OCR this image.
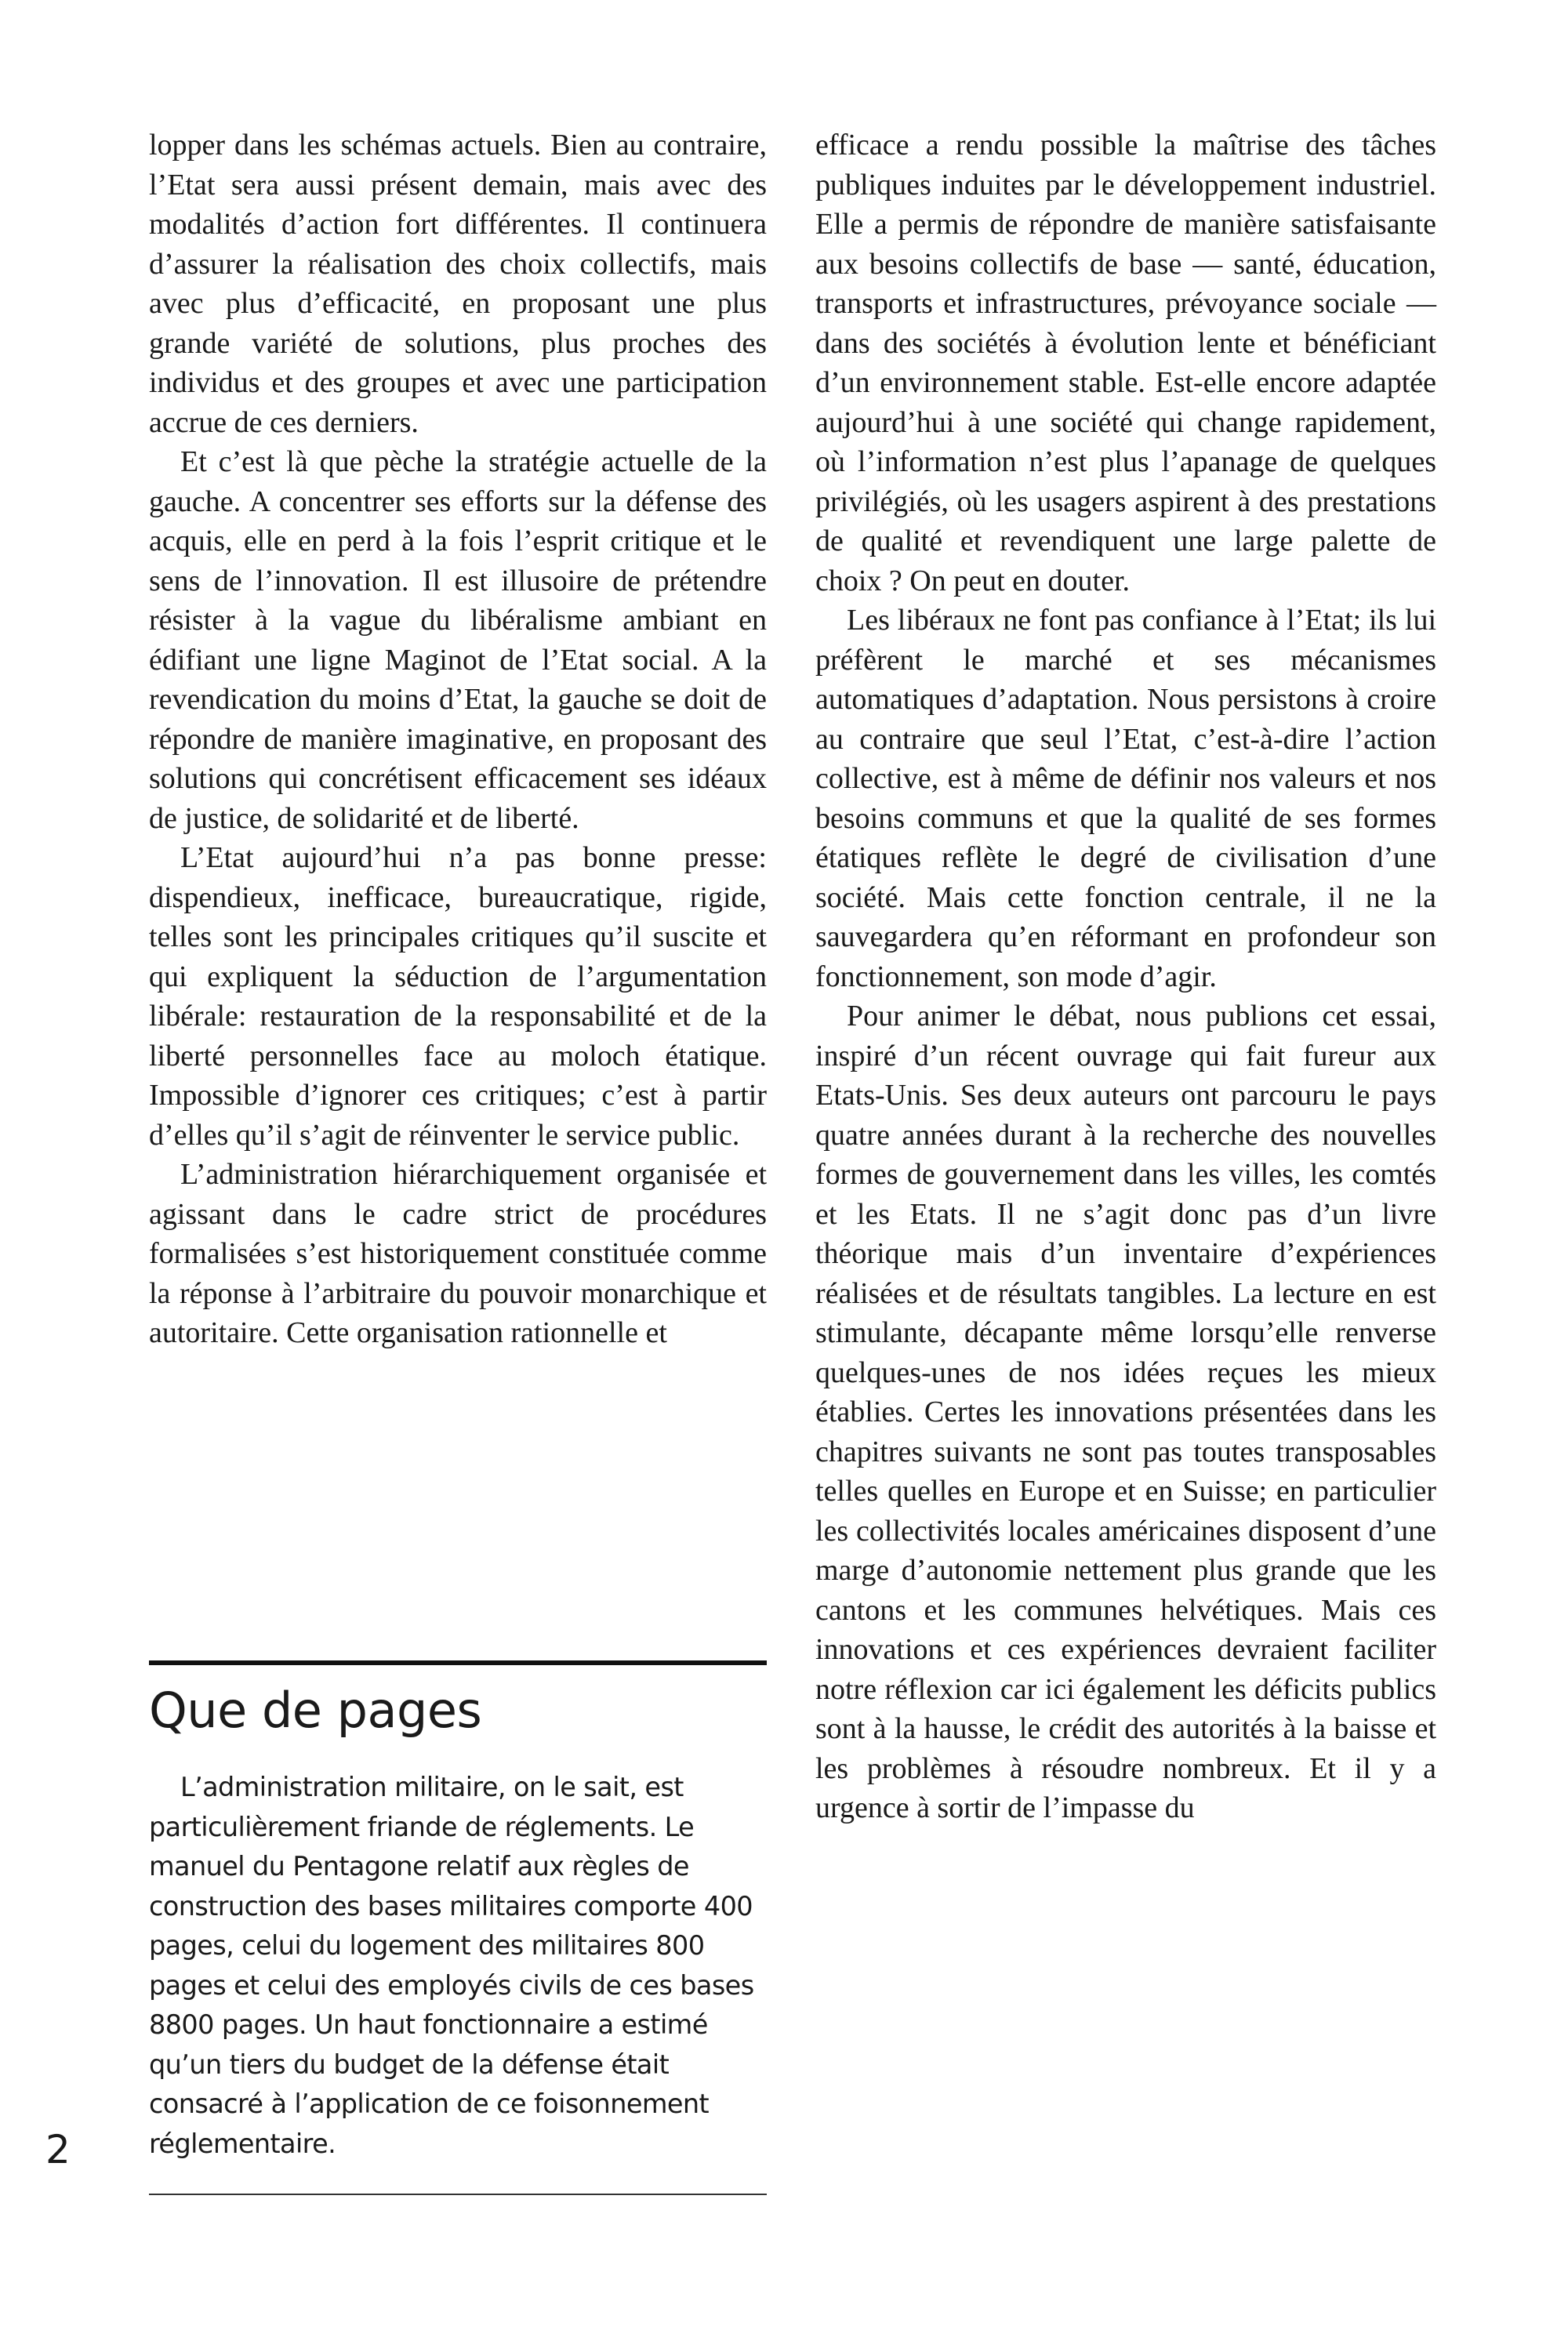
lopper dans les schémas actuels. Bien au contraire, l’Etat sera aussi présent demain, mais avec des modalités d’action fort différentes. Il continuera d’assurer la réalisation des choix collectifs, mais avec plus d’efficacité, en proposant une plus grande variété de solutions, plus proches des individus et des groupes et avec une participation accrue de ces derniers.

Et c’est là que pèche la stratégie actuelle de la gauche. A concentrer ses efforts sur la défense des acquis, elle en perd à la fois l’esprit critique et le sens de l’innovation. Il est illusoire de prétendre résister à la vague du libéralisme ambiant en édifiant une ligne Maginot de l’Etat social. A la revendication du moins d’Etat, la gauche se doit de répondre de manière imaginative, en proposant des solutions qui concrétisent efficacement ses idéaux de justice, de solidarité et de liberté.

L’Etat aujourd’hui n’a pas bonne presse: dispendieux, inefficace, bureaucratique, rigide, telles sont les principales critiques qu’il suscite et qui expliquent la séduction de l’argumentation libérale: restauration de la responsabilité et de la liberté personnelles face au moloch étatique. Impossible d’ignorer ces critiques; c’est à partir d’elles qu’il s’agit de réinventer le service public.

L’administration hiérarchiquement organisée et agissant dans le cadre strict de procédures formalisées s’est historiquement constituée comme la réponse à l’arbitraire du pouvoir monarchique et autoritaire. Cette organisation rationnelle et

Que de pages

L’administration militaire, on le sait, est particulièrement friande de réglements. Le manuel du Pentagone relatif aux règles de construction des bases militaires comporte 400 pages, celui du logement des militaires 800 pages et celui des employés civils de ces bases 8800 pages. Un haut fonctionnaire a estimé qu’un tiers du budget de la défense était consacré à l’application de ce foisonnement réglementaire.

efficace a rendu possible la maîtrise des tâches publiques induites par le développement industriel. Elle a permis de répondre de manière satisfaisante aux besoins collectifs de base — santé, éducation, transports et infrastructures, prévoyance sociale — dans des sociétés à évolution lente et bénéficiant d’un environnement stable. Est-elle encore adaptée aujourd’hui à une société qui change rapidement, où l’information n’est plus l’apanage de quelques privilégiés, où les usagers aspirent à des prestations de qualité et revendiquent une large palette de choix ? On peut en douter.

Les libéraux ne font pas confiance à l’Etat; ils lui préfèrent le marché et ses mécanismes automatiques d’adaptation. Nous persistons à croire au contraire que seul l’Etat, c’est-à-dire l’action collective, est à même de définir nos valeurs et nos besoins communs et que la qualité de ses formes étatiques reflète le degré de civilisation d’une société. Mais cette fonction centrale, il ne la sauvegardera qu’en réformant en profondeur son fonctionnement, son mode d’agir.

Pour animer le débat, nous publions cet essai, inspiré d’un récent ouvrage qui fait fureur aux Etats-Unis. Ses deux auteurs ont parcouru le pays quatre années durant à la recherche des nouvelles formes de gouvernement dans les villes, les comtés et les Etats. Il ne s’agit donc pas d’un livre théorique mais d’un inventaire d’expériences réalisées et de résultats tangibles. La lecture en est stimulante, décapante même lorsqu’elle renverse quelques-unes de nos idées reçues les mieux établies. Certes les innovations présentées dans les chapitres suivants ne sont pas toutes transposables telles quelles en Europe et en Suisse; en particulier les collectivités locales américaines disposent d’une marge d’autonomie nettement plus grande que les cantons et les communes helvétiques. Mais ces innovations et ces expériences devraient faciliter notre réflexion car ici également les déficits publics sont à la hausse, le crédit des autorités à la baisse et les problèmes à résoudre nombreux. Et il y a urgence à sortir de l’impasse du

2
